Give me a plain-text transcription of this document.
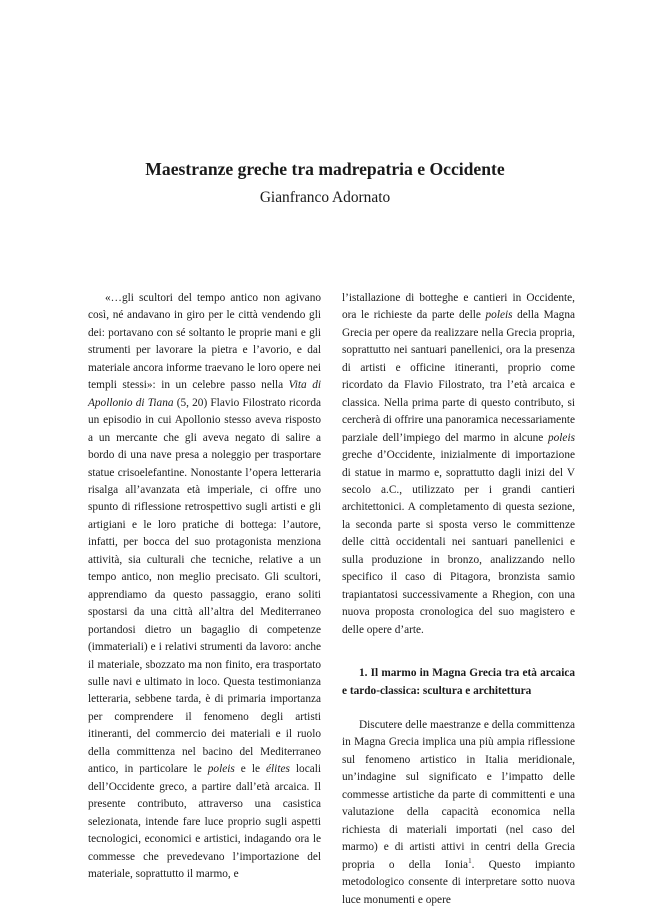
Maestranze greche tra madrepatria e Occidente
Gianfranco Adornato

«…gli scultori del tempo antico non agivano così, né andavano in giro per le città vendendo gli dei: portavano con sé soltanto le proprie mani e gli strumenti per lavorare la pietra e l’avorio, e dal materiale ancora informe traevano le loro opere nei templi stessi»: in un celebre passo nella Vita di Apollonio di Tiana (5, 20) Flavio Filostrato ricorda un episodio in cui Apollonio stesso aveva risposto a un mercante che gli aveva negato di salire a bordo di una nave presa a noleggio per trasportare statue crisoelefantine. Nonostante l’opera letteraria risalga all’avanzata età imperiale, ci offre uno spunto di riflessione retrospettivo sugli artisti e gli artigiani e le loro pratiche di bottega: l’autore, infatti, per bocca del suo protagonista menziona attività, sia culturali che tecniche, relative a un tempo antico, non meglio precisato. Gli scultori, apprendiamo da questo passaggio, erano soliti spostarsi da una città all’altra del Mediterraneo portandosi dietro un bagaglio di competenze (immateriali) e i relativi strumenti da lavoro: anche il materiale, sbozzato ma non finito, era trasportato sulle navi e ultimato in loco. Questa testimonianza letteraria, sebbene tarda, è di primaria importanza per comprendere il fenomeno degli artisti itineranti, del commercio dei materiali e il ruolo della committenza nel bacino del Mediterraneo antico, in particolare le poleis e le élites locali dell’Occidente greco, a partire dall’età arcaica. Il presente contributo, attraverso una casistica selezionata, intende fare luce proprio sugli aspetti tecnologici, economici e artistici, indagando ora le commesse che prevedevano l’importazione del materiale, soprattutto il marmo, e

l’istallazione di botteghe e cantieri in Occidente, ora le richieste da parte delle poleis della Magna Grecia per opere da realizzare nella Grecia propria, soprattutto nei santuari panellenici, ora la presenza di artisti e officine itineranti, proprio come ricordato da Flavio Filostrato, tra l’età arcaica e classica. Nella prima parte di questo contributo, si cercherà di offrire una panoramica necessariamente parziale dell’impiego del marmo in alcune poleis greche d’Occidente, inizialmente di importazione di statue in marmo e, soprattutto dagli inizi del V secolo a.C., utilizzato per i grandi cantieri architettonici. A completamento di questa sezione, la seconda parte si sposta verso le committenze delle città occidentali nei santuari panellenici e sulla produzione in bronzo, analizzando nello specifico il caso di Pitagora, bronzista samio trapiantatosi successivamente a Rhegion, con una nuova proposta cronologica del suo magistero e delle opere d’arte.

1. Il marmo in Magna Grecia tra età arcaica e tardo-classica: scultura e architettura

Discutere delle maestranze e della committenza in Magna Grecia implica una più ampia riflessione sul fenomeno artistico in Italia meridionale, un’indagine sul significato e l’impatto delle commesse artistiche da parte di committenti e una valutazione della capacità economica nella richiesta di materiali importati (nel caso del marmo) e di artisti attivi in centri della Grecia propria o della Ionia$^1$. Questo impianto metodologico consente di interpretare sotto nuova luce monumenti e opere
